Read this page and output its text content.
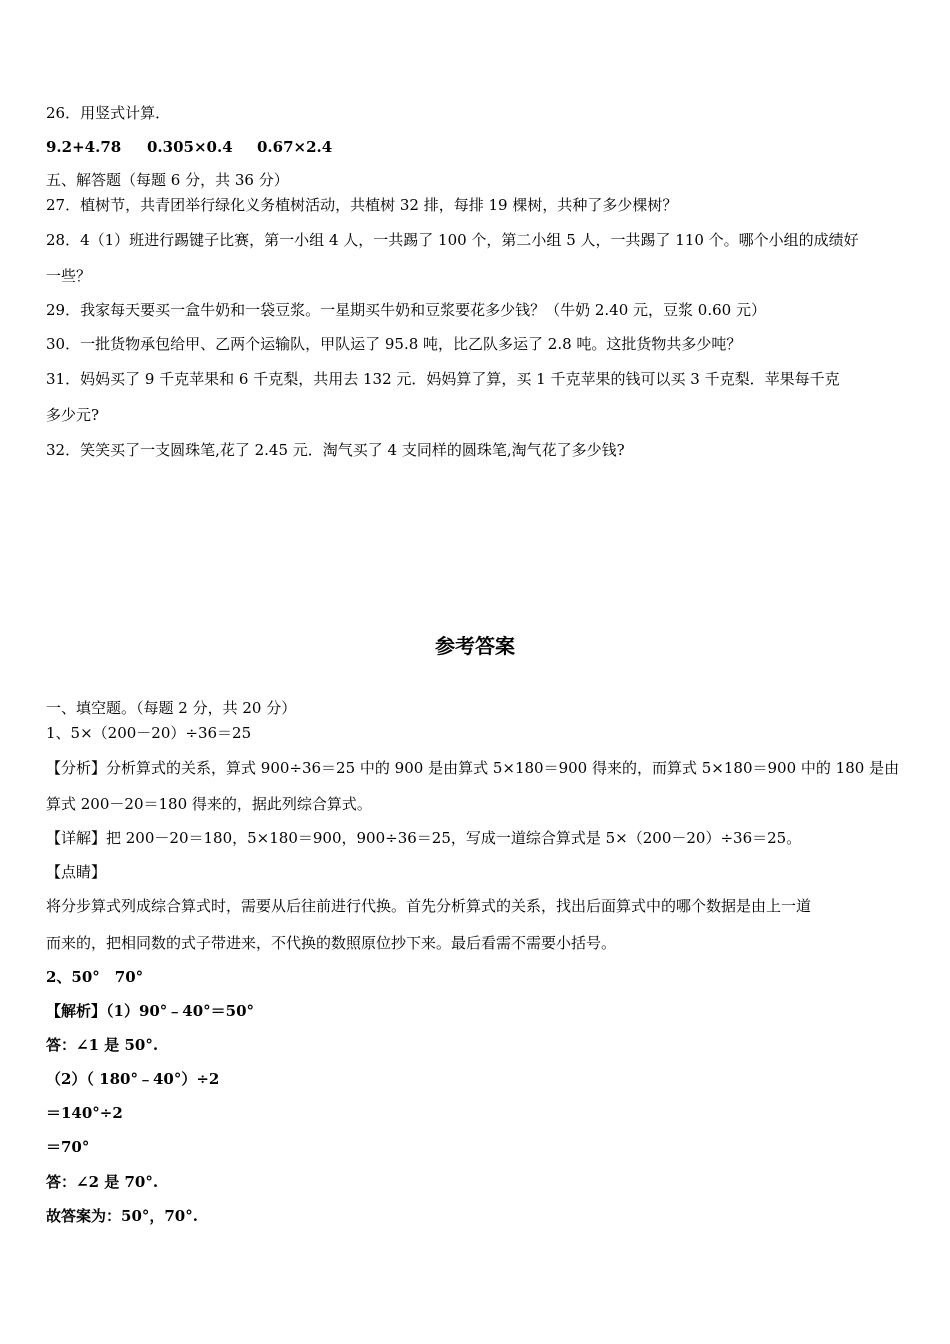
26．用竖式计算．
9.2+4.78 0.305×0.4 0.67×2.4
五、解答题（每题 6 分，共 36 分）
27．植树节，共青团举行绿化义务植树活动，共植树 32 排，每排 19 棵树，共种了多少棵树？
28．4（1）班进行踢键子比赛，第一小组 4 人，一共踢了 100 个，第二小组 5 人，一共踢了 110 个。哪个小组的成绩好
一些？
29．我家每天要买一盒牛奶和一袋豆浆。一星期买牛奶和豆浆要花多少钱？（牛奶 2.40 元，豆浆 0.60 元）
30．一批货物承包给甲、乙两个运输队，甲队运了 95.8 吨，比乙队多运了 2.8 吨。这批货物共多少吨？
31．妈妈买了 9 千克苹果和 6 千克梨，共用去 132 元．妈妈算了算，买 1 千克苹果的钱可以买 3 千克梨．苹果每千克
多少元?
32．笑笑买了一支圆珠笔,花了 2.45 元．淘气买了 4 支同样的圆珠笔,淘气花了多少钱?
参考答案
一、填空题。（每题 2 分，共 20 分）
1、5×（200－20）÷36＝25
【分析】分析算式的关系，算式 900÷36＝25 中的 900 是由算式 5×180＝900 得来的，而算式 5×180＝900 中的 180 是由
算式 200－20＝180 得来的，据此列综合算式。
【详解】把 200－20＝180，5×180＝900，900÷36＝25，写成一道综合算式是 5×（200－20）÷36＝25。
【点睛】
将分步算式列成综合算式时，需要从后往前进行代换。首先分析算式的关系，找出后面算式中的哪个数据是由上一道
而来的，把相同数的式子带进来，不代换的数照原位抄下来。最后看需不需要小括号。
2、50°　70°
【解析】（1）90°﹣40°＝50°
答：∠1 是 50°.
（2）（ 180°﹣40°）÷2
＝140°÷2
＝70°
答：∠2 是 70°.
故答案为：50°，70°.
